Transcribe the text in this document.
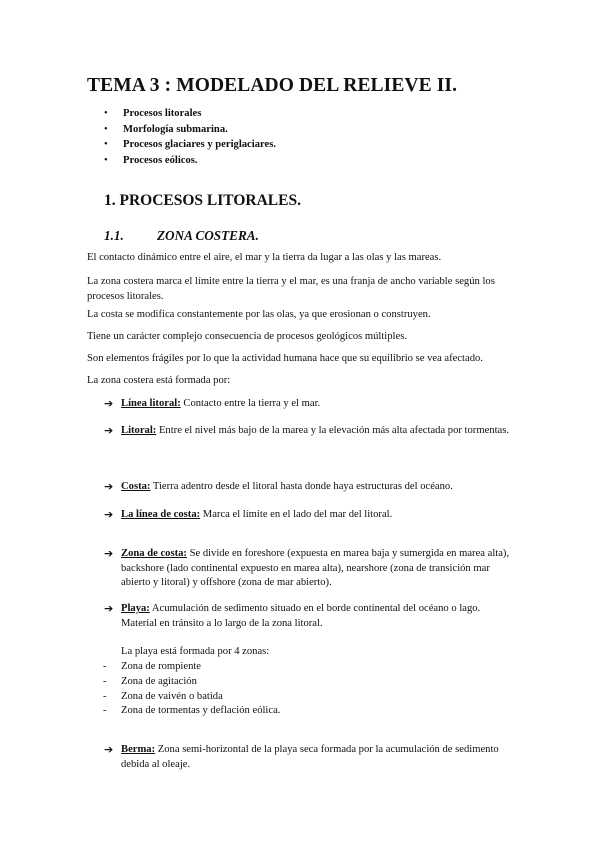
TEMA 3 : MODELADO DEL RELIEVE II.
• Procesos litorales
• Morfología submarina.
• Procesos glaciares y periglaciares.
• Procesos eólicos.
1. PROCESOS LITORALES.
1.1.	ZONA COSTERA.

El contacto dinámico entre el aire, el mar y la tierra da lugar a las olas y las mareas.

La zona costera marca el límite entre la tierra y el mar, es una franja de ancho variable según los procesos litorales.

La costa se modifica constantemente por las olas, ya que erosionan o construyen.

Tiene un carácter complejo consecuencia de procesos geológicos múltiples.

Son elementos frágiles por lo que la actividad humana hace que su equilibrio se vea afectado.

La zona costera está formada por:

➔ Línea litoral: Contacto entre la tierra y el mar.
➔ Litoral: Entre el nivel más bajo de la marea y la elevación más alta afectada por tormentas.
➔ Costa: Tierra adentro desde el litoral hasta donde haya estructuras del océano.
➔ La línea de costa: Marca el límite en el lado del mar del litoral.
➔ Zona de costa: Se divide en foreshore (expuesta en marea baja y sumergida en marea alta), backshore (lado continental expuesto en marea alta), nearshore (zona de transición mar abierto y litoral) y offshore (zona de mar abierto).
➔ Playa: Acumulación de sedimento situado en el borde continental del océano o lago. Material en tránsito a lo largo de la zona litoral.
La playa está formada por 4 zonas:
- Zona de rompiente
- Zona de agitación
- Zona de vaivén o batida
- Zona de tormentas y deflación eólica.
➔ Berma: Zona semi-horizontal de la playa seca formada por la acumulación de sedimento debida al oleaje.
